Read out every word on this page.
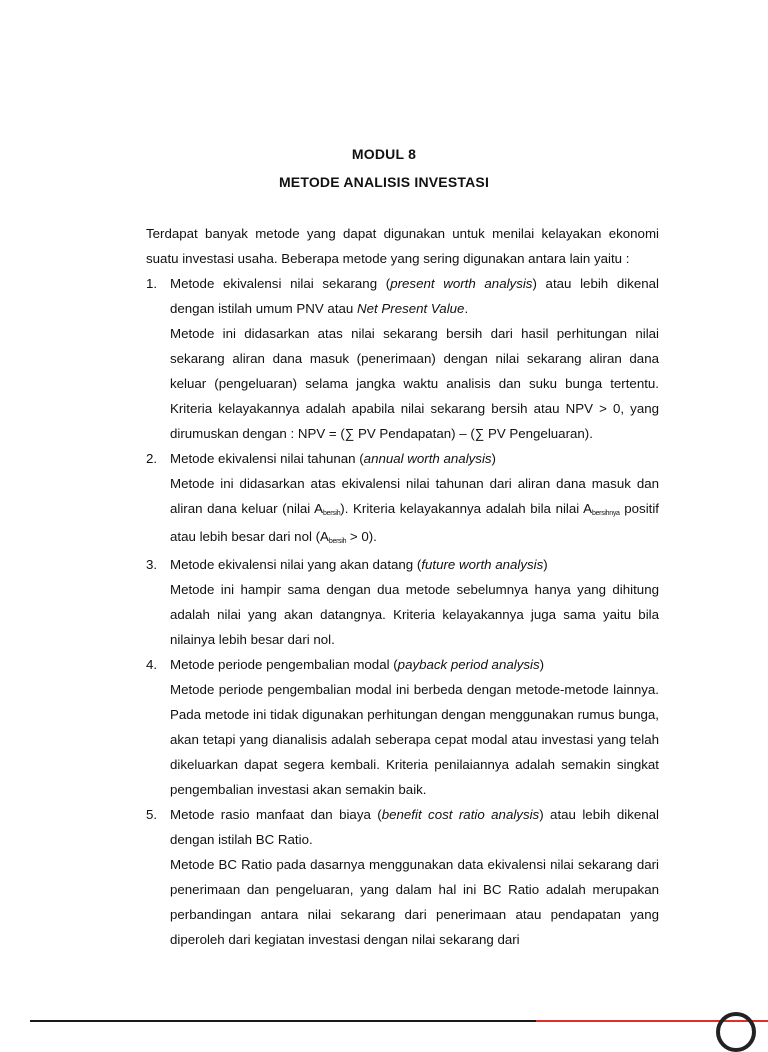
MODUL 8
METODE ANALISIS INVESTASI

Terdapat banyak metode yang dapat digunakan untuk menilai kelayakan ekonomi suatu investasi usaha. Beberapa metode yang sering digunakan antara lain yaitu :

1. Metode ekivalensi nilai sekarang (present worth analysis) atau lebih dikenal dengan istilah umum PNV atau Net Present Value.

Metode ini didasarkan atas nilai sekarang bersih dari hasil perhitungan nilai sekarang aliran dana masuk (penerimaan) dengan nilai sekarang aliran dana keluar (pengeluaran) selama jangka waktu analisis dan suku bunga tertentu. Kriteria kelayakannya adalah apabila nilai sekarang bersih atau NPV > 0, yang dirumuskan dengan : NPV = (∑ PV Pendapatan) – (∑ PV Pengeluaran).

2. Metode ekivalensi nilai tahunan (annual worth analysis)

Metode ini didasarkan atas ekivalensi nilai tahunan dari aliran dana masuk dan aliran dana keluar (nilai Abersih). Kriteria kelayakannya adalah bila nilai Abersihnya positif atau lebih besar dari nol (Abersih > 0).

3. Metode ekivalensi nilai yang akan datang (future worth analysis)

Metode ini hampir sama dengan dua metode sebelumnya hanya yang dihitung adalah nilai yang akan datangnya. Kriteria kelayakannya juga sama yaitu bila nilainya lebih besar dari nol.

4. Metode periode pengembalian modal (payback period analysis)

Metode periode pengembalian modal ini berbeda dengan metode-metode lainnya. Pada metode ini tidak digunakan perhitungan dengan menggunakan rumus bunga, akan tetapi yang dianalisis adalah seberapa cepat modal atau investasi yang telah dikeluarkan dapat segera kembali. Kriteria penilaiannya adalah semakin singkat pengembalian investasi akan semakin baik.

5. Metode rasio manfaat dan biaya (benefit cost ratio analysis) atau lebih dikenal dengan istilah BC Ratio.

Metode BC Ratio pada dasarnya menggunakan data ekivalensi nilai sekarang dari penerimaan dan pengeluaran, yang dalam hal ini BC Ratio adalah merupakan perbandingan antara nilai sekarang dari penerimaan atau pendapatan yang diperoleh dari kegiatan investasi dengan nilai sekarang dari
